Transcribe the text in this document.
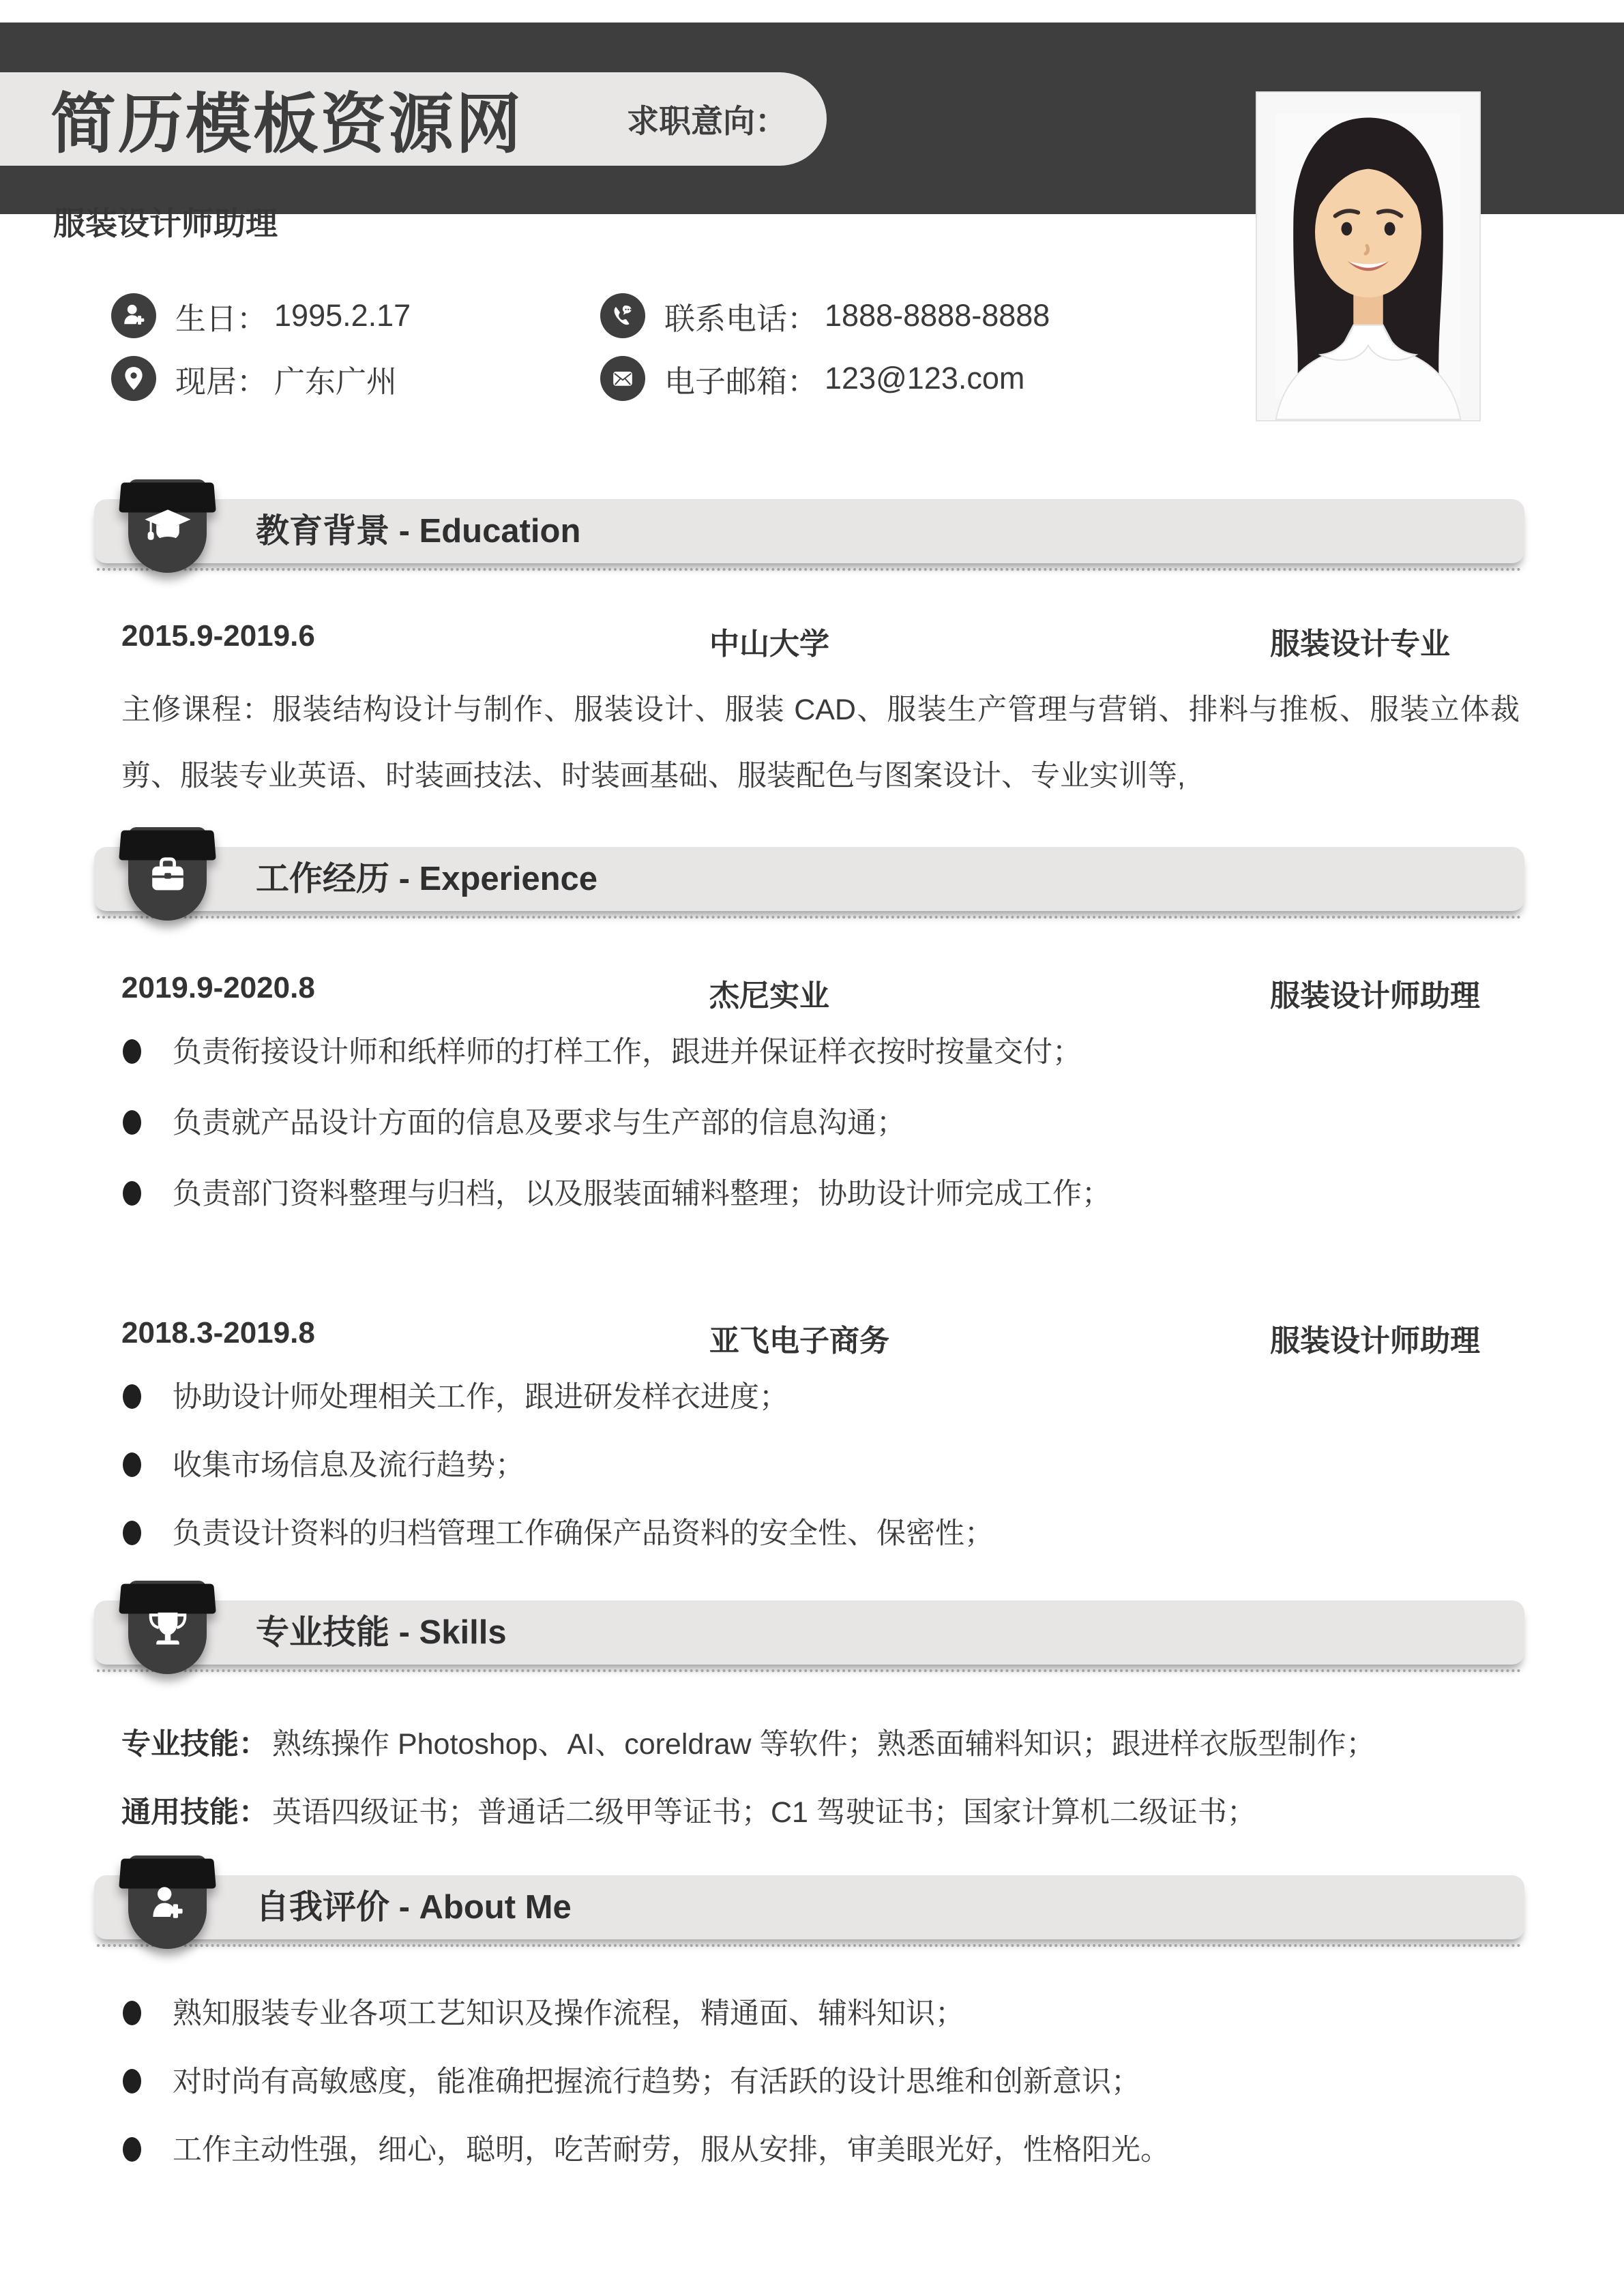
简历模板资源网	求职意向：
服装设计师助理
生日： 1995.2.17	联系电话： 1888-8888-8888
现居： 广东广州	电子邮箱： 123@123.com
教育背景 - Education
2015.9-2019.6	中山大学	服装设计专业
主修课程：服装结构设计与制作、服装设计、服装 CAD、服装生产管理与营销、排料与推板、服装立体裁剪、服装专业英语、时装画技法、时装画基础、服装配色与图案设计、专业实训等,
工作经历 - Experience
2019.9-2020.8	杰尼实业	服装设计师助理
负责衔接设计师和纸样师的打样工作，跟进并保证样衣按时按量交付；
负责就产品设计方面的信息及要求与生产部的信息沟通；
负责部门资料整理与归档，以及服装面辅料整理；协助设计师完成工作；
2018.3-2019.8	亚飞电子商务	服装设计师助理
协助设计师处理相关工作，跟进研发样衣进度；
收集市场信息及流行趋势；
负责设计资料的归档管理工作确保产品资料的安全性、保密性；
专业技能 - Skills
专业技能： 熟练操作 Photoshop、AI、coreldraw 等软件；熟悉面辅料知识；跟进样衣版型制作；
通用技能： 英语四级证书；普通话二级甲等证书；C1 驾驶证书；国家计算机二级证书；
自我评价 - About Me
熟知服装专业各项工艺知识及操作流程，精通面、辅料知识；
对时尚有高敏感度，能准确把握流行趋势；有活跃的设计思维和创新意识；
工作主动性强，细心，聪明，吃苦耐劳，服从安排，审美眼光好，性格阳光。
